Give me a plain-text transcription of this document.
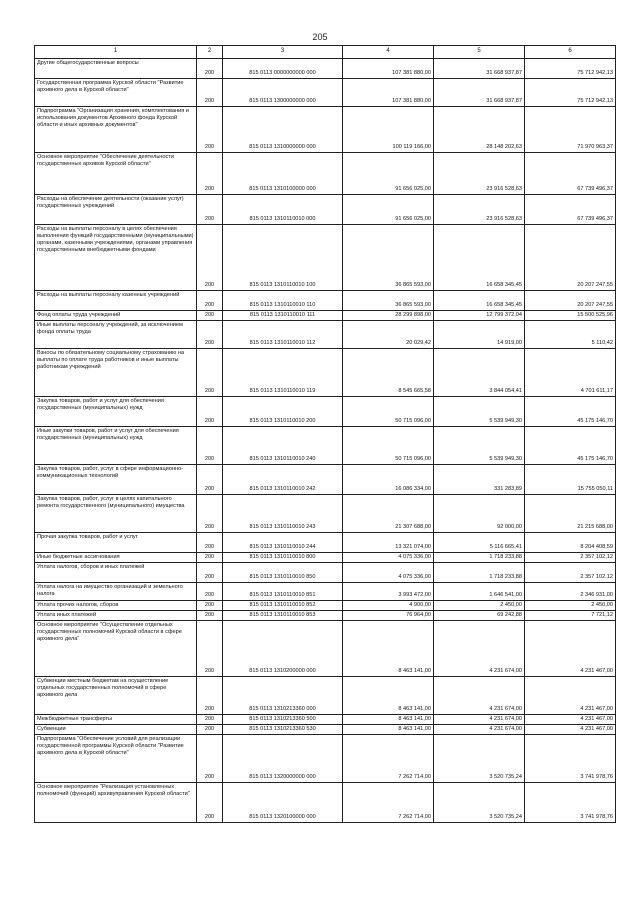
205
1	2	3	4	5	6
Другие общегосударственные вопросы	200	815 0113 0000000000 000	107 381 880,00	31 668 937,87	75 712 942,13
Государственная программа Курской области "Развитие архивного дела в Курской области"	200	815 0113 1300000000 000	107 381 880,00	31 668 937,87	75 712 942,13
Подпрограмма "Организация хранения, комплектования и использования документов Архивного фонда Курской области и иных архивных документов"	200	815 0113 1310000000 000	100 119 166,00	28 148 202,63	71 970 963,37
Основное мероприятие "Обеспечение деятельности государственных архивов Курской области"	200	815 0113 1310100000 000	91 656 025,00	23 916 528,63	67 739 496,37
Расходы на обеспечение деятельности (оказание услуг) государственных учреждений	200	815 0113 1310110010 000	91 656 025,00	23 916 528,63	67 739 496,37
Расходы на выплаты персоналу в целях обеспечения выполнения функций государственными (муниципальными) органами, казенными учреждениями, органами управления государственными внебюджетными фондами	200	815 0113 1310110010 100	36 865 593,00	16 658 345,45	20 207 247,55
Расходы на выплаты персоналу казенных учреждений	200	815 0113 1310110010 110	36 865 593,00	16 658 345,45	20 207 247,55
Фонд оплаты труда учреждений	200	815 0113 1310110010 111	28 299 898,00	12 799 372,04	15 500 525,96
Иные выплаты персоналу учреждений, за исключением фонда оплаты труда	200	815 0113 1310110010 112	20 029,42	14 919,00	5 110,42
Взносы по обязательному социальному страхованию на выплаты по оплате труда работников и иные выплаты работникам учреждений	200	815 0113 1310110010 119	8 545 665,58	3 844 054,41	4 701 611,17
Закупка товаров, работ и услуг для обеспечения государственных (муниципальных) нужд	200	815 0113 1310110010 200	50 715 096,00	5 539 949,30	45 175 146,70
Иные закупки товаров, работ и услуг для обеспечения государственных (муниципальных) нужд	200	815 0113 1310110010 240	50 715 096,00	5 539 949,30	45 175 146,70
Закупка товаров, работ, услуг в сфере информационно-коммуникационных технологий	200	815 0113 1310110010 242	16 086 334,00	331 283,89	15 755 050,11
Закупка товаров, работ, услуг в целях капитального ремонта государственного (муниципального) имущества	200	815 0113 1310110010 243	21 307 688,00	92 000,00	21 215 688,00
Прочая закупка товаров, работ и услуг	200	815 0113 1310110010 244	13 321 074,00	5 116 665,41	8 204 408,59
Иные бюджетные ассигнования	200	815 0113 1310110010 800	4 075 336,00	1 718 233,88	2 357 102,12
Уплата налогов, сборов и иных платежей	200	815 0113 1310110010 850	4 075 336,00	1 718 233,88	2 357 102,12
Уплата налога на имущество организаций и земельного налога	200	815 0113 1310110010 851	3 993 472,00	1 646 541,00	2 346 931,00
Уплата прочих налогов, сборов	200	815 0113 1310110010 852	4 900,00	2 450,00	2 450,00
Уплата иных платежей	200	815 0113 1310110010 853	76 964,00	69 242,88	7 721,12
Основное мероприятие "Осуществление отдельных государственных полномочий Курской области в сфере архивного дела"	200	815 0113 1310200000 000	8 463 141,00	4 231 674,00	4 231 467,00
Субвенции местным бюджетам на осуществление отдельных государственных полномочий в сфере архивного дела	200	815 0113 1310213360 000	8 463 141,00	4 231 674,00	4 231 467,00
Межбюджетные трансферты	200	815 0113 1310213360 500	8 463 141,00	4 231 674,00	4 231 467,00
Субвенции	200	815 0113 1310213360 530	8 463 141,00	4 231 674,00	4 231 467,00
Подпрограмма "Обеспечение условий для реализации государственной программы Курской области "Развитие архивного дела в Курской области"	200	815 0113 1320000000 000	7 262 714,00	3 520 735,24	3 741 978,76
Основное мероприятие "Реализация установленных полномочий (функций) архивуправления Курской области"	200	815 0113 1320100000 000	7 262 714,00	3 520 735,24	3 741 978,76
